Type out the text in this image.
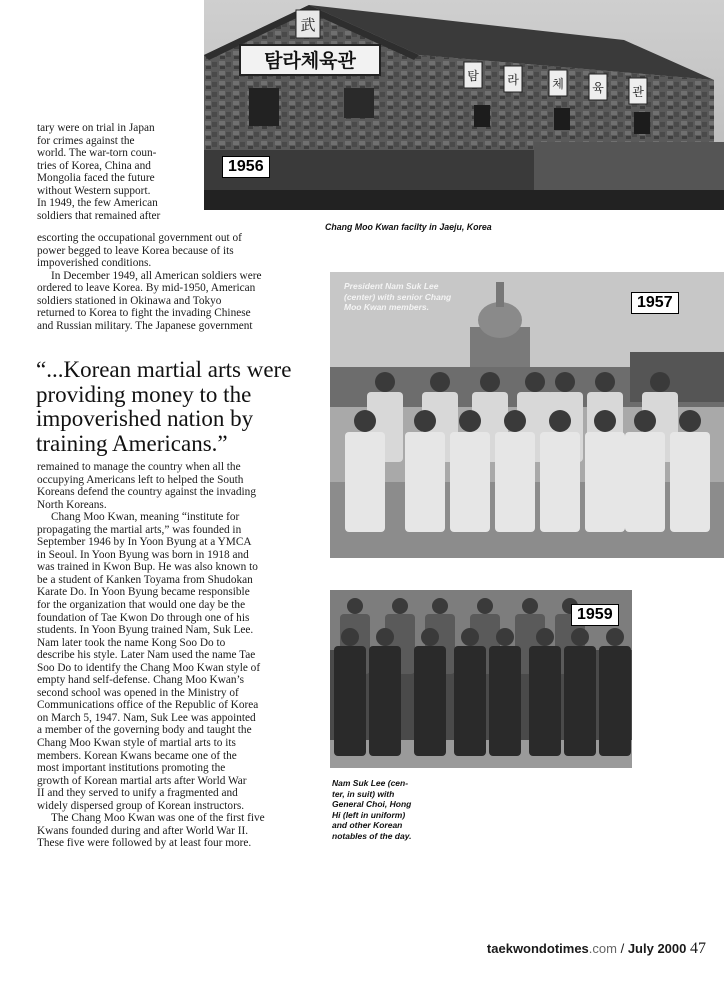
武
탐라체육관
탐 라	체 육 관
1956
Chang Moo Kwan facilty in Jaeju, Korea

tary were on trial in Japan
for crimes against the
world. The war-torn coun-
tries of Korea, China and
Mongolia faced the future
without Western support.
In 1949, the few American
soldiers that remained after

escorting the occupational government out of
power begged to leave Korea because of its
impoverished conditions.
In December 1949, all American soldiers were
ordered to leave Korea. By mid-1950, American
soldiers stationed in Okinawa and Tokyo
returned to Korea to fight the invading Chinese
and Russian military. The Japanese government
“...Korean martial arts were providing money to the impoverished nation by training Americans.”
President Nam Suk Lee
(center) with senior Chang
Moo Kwan members.	1957
remained to manage the country when all the
occupying Americans left to helped the South
Koreans defend the country against the invading
North Koreans.

Chang Moo Kwan, meaning “institute for
propagating the martial arts,” was founded in
September 1946 by In Yoon Byung at a YMCA
in Seoul. In Yoon Byung was born in 1918 and
was trained in Kwon Bup. He was also known to
be a student of Kanken Toyama from Shudokan
Karate Do. In Yoon Byung became responsible
for the organization that would one day be the
foundation of Tae Kwon Do through one of his
students. In Yoon Byung trained Nam, Suk Lee.
Nam later took the name Kong Soo Do to
describe his style. Later Nam used the name Tae
Soo Do to identify the Chang Moo Kwan style of
empty hand self-defense. Chang Moo Kwan’s
second school was opened in the Ministry of
Communications office of the Republic of Korea
on March 5, 1947. Nam, Suk Lee was appointed
a member of the governing body and taught the
Chang Moo Kwan style of martial arts to its
members. Korean Kwans became one of the
most important institutions promoting the
growth of Korean martial arts after World War
II and they served to unify a fragmented and
widely dispersed group of Korean instructors.

The Chang Moo Kwan was one of the first five
Kwans founded during and after World War II.
These five were followed by at least four more.

1959
Nam Suk Lee (cen-
ter, in suit) with
General Choi, Hong
Hi (left in uniform)
and other Korean
notables of the day.
taekwondotimes.com / July 2000 47
